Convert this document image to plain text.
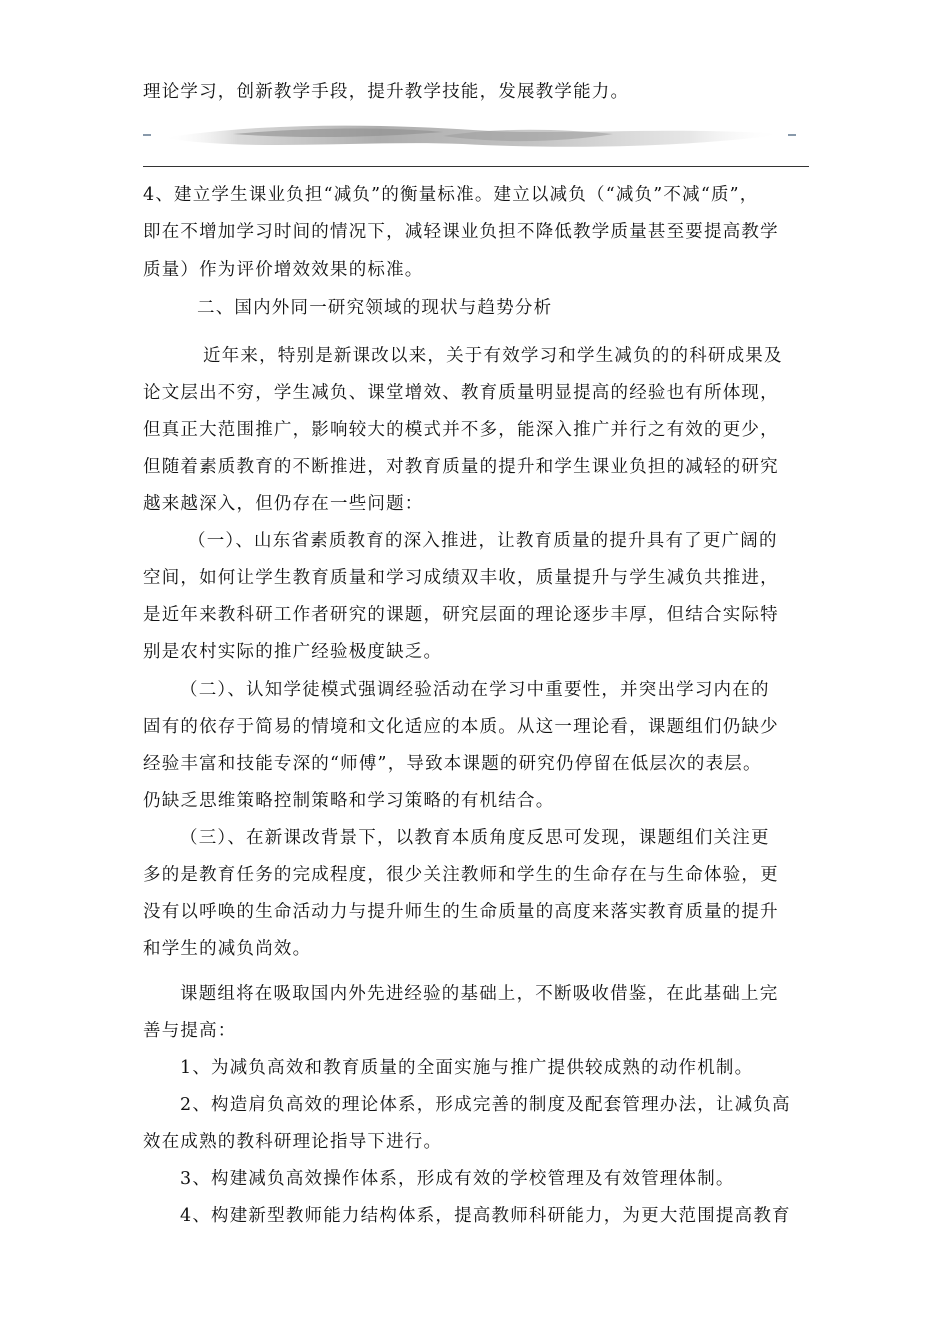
理论学习，创新教学手段，提升教学技能，发展教学能力。
4、建立学生课业负担“减负”的衡量标准。建立以减负（“减负”不减“质”，
即在不增加学习时间的情况下，减轻课业负担不降低教学质量甚至要提高教学
质量）作为评价增效效果的标准。
二、国内外同一研究领域的现状与趋势分析
近年来，特别是新课改以来，关于有效学习和学生减负的的科研成果及
论文层出不穷，学生减负、课堂增效、教育质量明显提高的经验也有所体现，
但真正大范围推广，影响较大的模式并不多，能深入推广并行之有效的更少，
但随着素质教育的不断推进，对教育质量的提升和学生课业负担的减轻的研究
越来越深入，但仍存在一些问题：
（一）、山东省素质教育的深入推进，让教育质量的提升具有了更广阔的
空间，如何让学生教育质量和学习成绩双丰收，质量提升与学生减负共推进，
是近年来教科研工作者研究的课题，研究层面的理论逐步丰厚，但结合实际特
别是农村实际的推广经验极度缺乏。
（二）、认知学徒模式强调经验活动在学习中重要性，并突出学习内在的
固有的依存于简易的情境和文化适应的本质。从这一理论看，课题组们仍缺少
经验丰富和技能专深的“师傅”，导致本课题的研究仍停留在低层次的表层。
仍缺乏思维策略控制策略和学习策略的有机结合。
（三）、在新课改背景下，以教育本质角度反思可发现，课题组们关注更
多的是教育任务的完成程度，很少关注教师和学生的生命存在与生命体验，更
没有以呼唤的生命活动力与提升师生的生命质量的高度来落实教育质量的提升
和学生的减负尚效。
课题组将在吸取国内外先进经验的基础上，不断吸收借鉴，在此基础上完
善与提高：
1、为减负高效和教育质量的全面实施与推广提供较成熟的动作机制。
2、构造肩负高效的理论体系，形成完善的制度及配套管理办法，让减负高
效在成熟的教科研理论指导下进行。
3、构建减负高效操作体系，形成有效的学校管理及有效管理体制。
4、构建新型教师能力结构体系，提高教师科研能力，为更大范围提高教育
